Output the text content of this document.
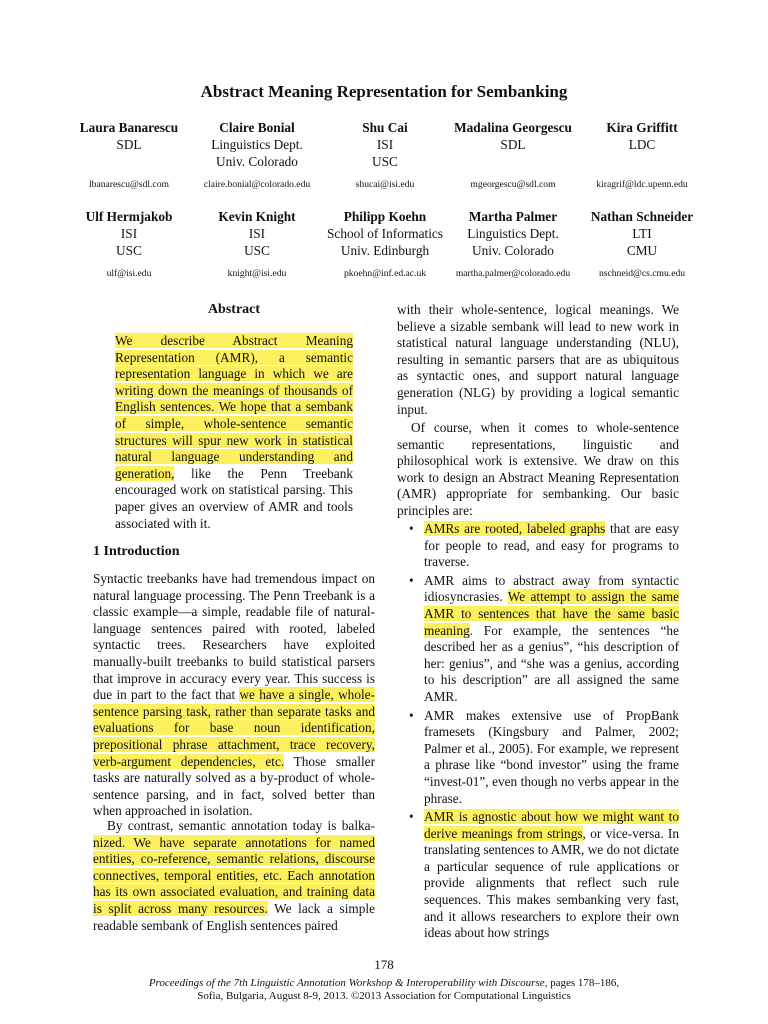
Abstract Meaning Representation for Sembanking
Laura Banarescu
SDL
lbanarescu@sdl.com
Claire Bonial
Linguistics Dept.
Univ. Colorado
claire.bonial@colorado.edu
Shu Cai
ISI
USC
shucai@isi.edu
Madalina Georgescu
SDL
mgeorgescu@sdl.com
Kira Griffitt
LDC
kiragrif@ldc.upenn.edu
Ulf Hermjakob
ISI
USC
ulf@isi.edu
Kevin Knight
ISI
USC
knight@isi.edu
Philipp Koehn
School of Informatics
Univ. Edinburgh
pkoehn@inf.ed.ac.uk
Martha Palmer
Linguistics Dept.
Univ. Colorado
martha.palmer@colorado.edu
Nathan Schneider
LTI
CMU
nschneid@cs.cmu.edu
Abstract
We describe Abstract Meaning Representation (AMR), a semantic representation language in which we are writing down the meanings of thousands of English sentences. We hope that a sembank of simple, whole-sentence semantic structures will spur new work in statistical natural language understanding and generation, like the Penn Treebank encouraged work on statistical parsing. This paper gives an overview of AMR and tools associated with it.
1 Introduction
Syntactic treebanks have had tremendous impact on natural language processing. The Penn Treebank is a classic example—a simple, readable file of natural-language sentences paired with rooted, labeled syntactic trees. Researchers have exploited manually-built treebanks to build statistical parsers that improve in accuracy every year. This success is due in part to the fact that we have a single, whole-sentence parsing task, rather than separate tasks and evaluations for base noun identification, prepositional phrase attachment, trace recovery, verb-argument dependencies, etc. Those smaller tasks are naturally solved as a by-product of whole-sentence parsing, and in fact, solved better than when approached in isolation.
By contrast, semantic annotation today is balka- nized. We have separate annotations for named entities, co-reference, semantic relations, discourse connectives, temporal entities, etc. Each annotation has its own associated evaluation, and training data is split across many resources. We lack a simple readable sembank of English sentences paired
with their whole-sentence, logical meanings. We believe a sizable sembank will lead to new work in statistical natural language understanding (NLU), resulting in semantic parsers that are as ubiquitous as syntactic ones, and support natural language generation (NLG) by providing a logical semantic input.
Of course, when it comes to whole-sentence semantic representations, linguistic and philosophical work is extensive. We draw on this work to design an Abstract Meaning Representation (AMR) appropriate for sembanking. Our basic principles are:
• AMRs are rooted, labeled graphs that are easy for people to read, and easy for programs to traverse.
• AMR aims to abstract away from syntactic idiosyncrasies. We attempt to assign the same AMR to sentences that have the same basic meaning. For example, the sentences “he described her as a genius”, “his description of her: genius”, and “she was a genius, according to his description” are all assigned the same AMR.
• AMR makes extensive use of PropBank framesets (Kingsbury and Palmer, 2002; Palmer et al., 2005). For example, we represent a phrase like “bond investor” using the frame “invest-01”, even though no verbs appear in the phrase.
• AMR is agnostic about how we might want to derive meanings from strings, or vice-versa. In translating sentences to AMR, we do not dictate a particular sequence of rule applications or provide alignments that reflect such rule sequences. This makes sembanking very fast, and it allows researchers to explore their own ideas about how strings
178
Proceedings of the 7th Linguistic Annotation Workshop & Interoperability with Discourse, pages 178–186,
Sofia, Bulgaria, August 8-9, 2013. ©2013 Association for Computational Linguistics
